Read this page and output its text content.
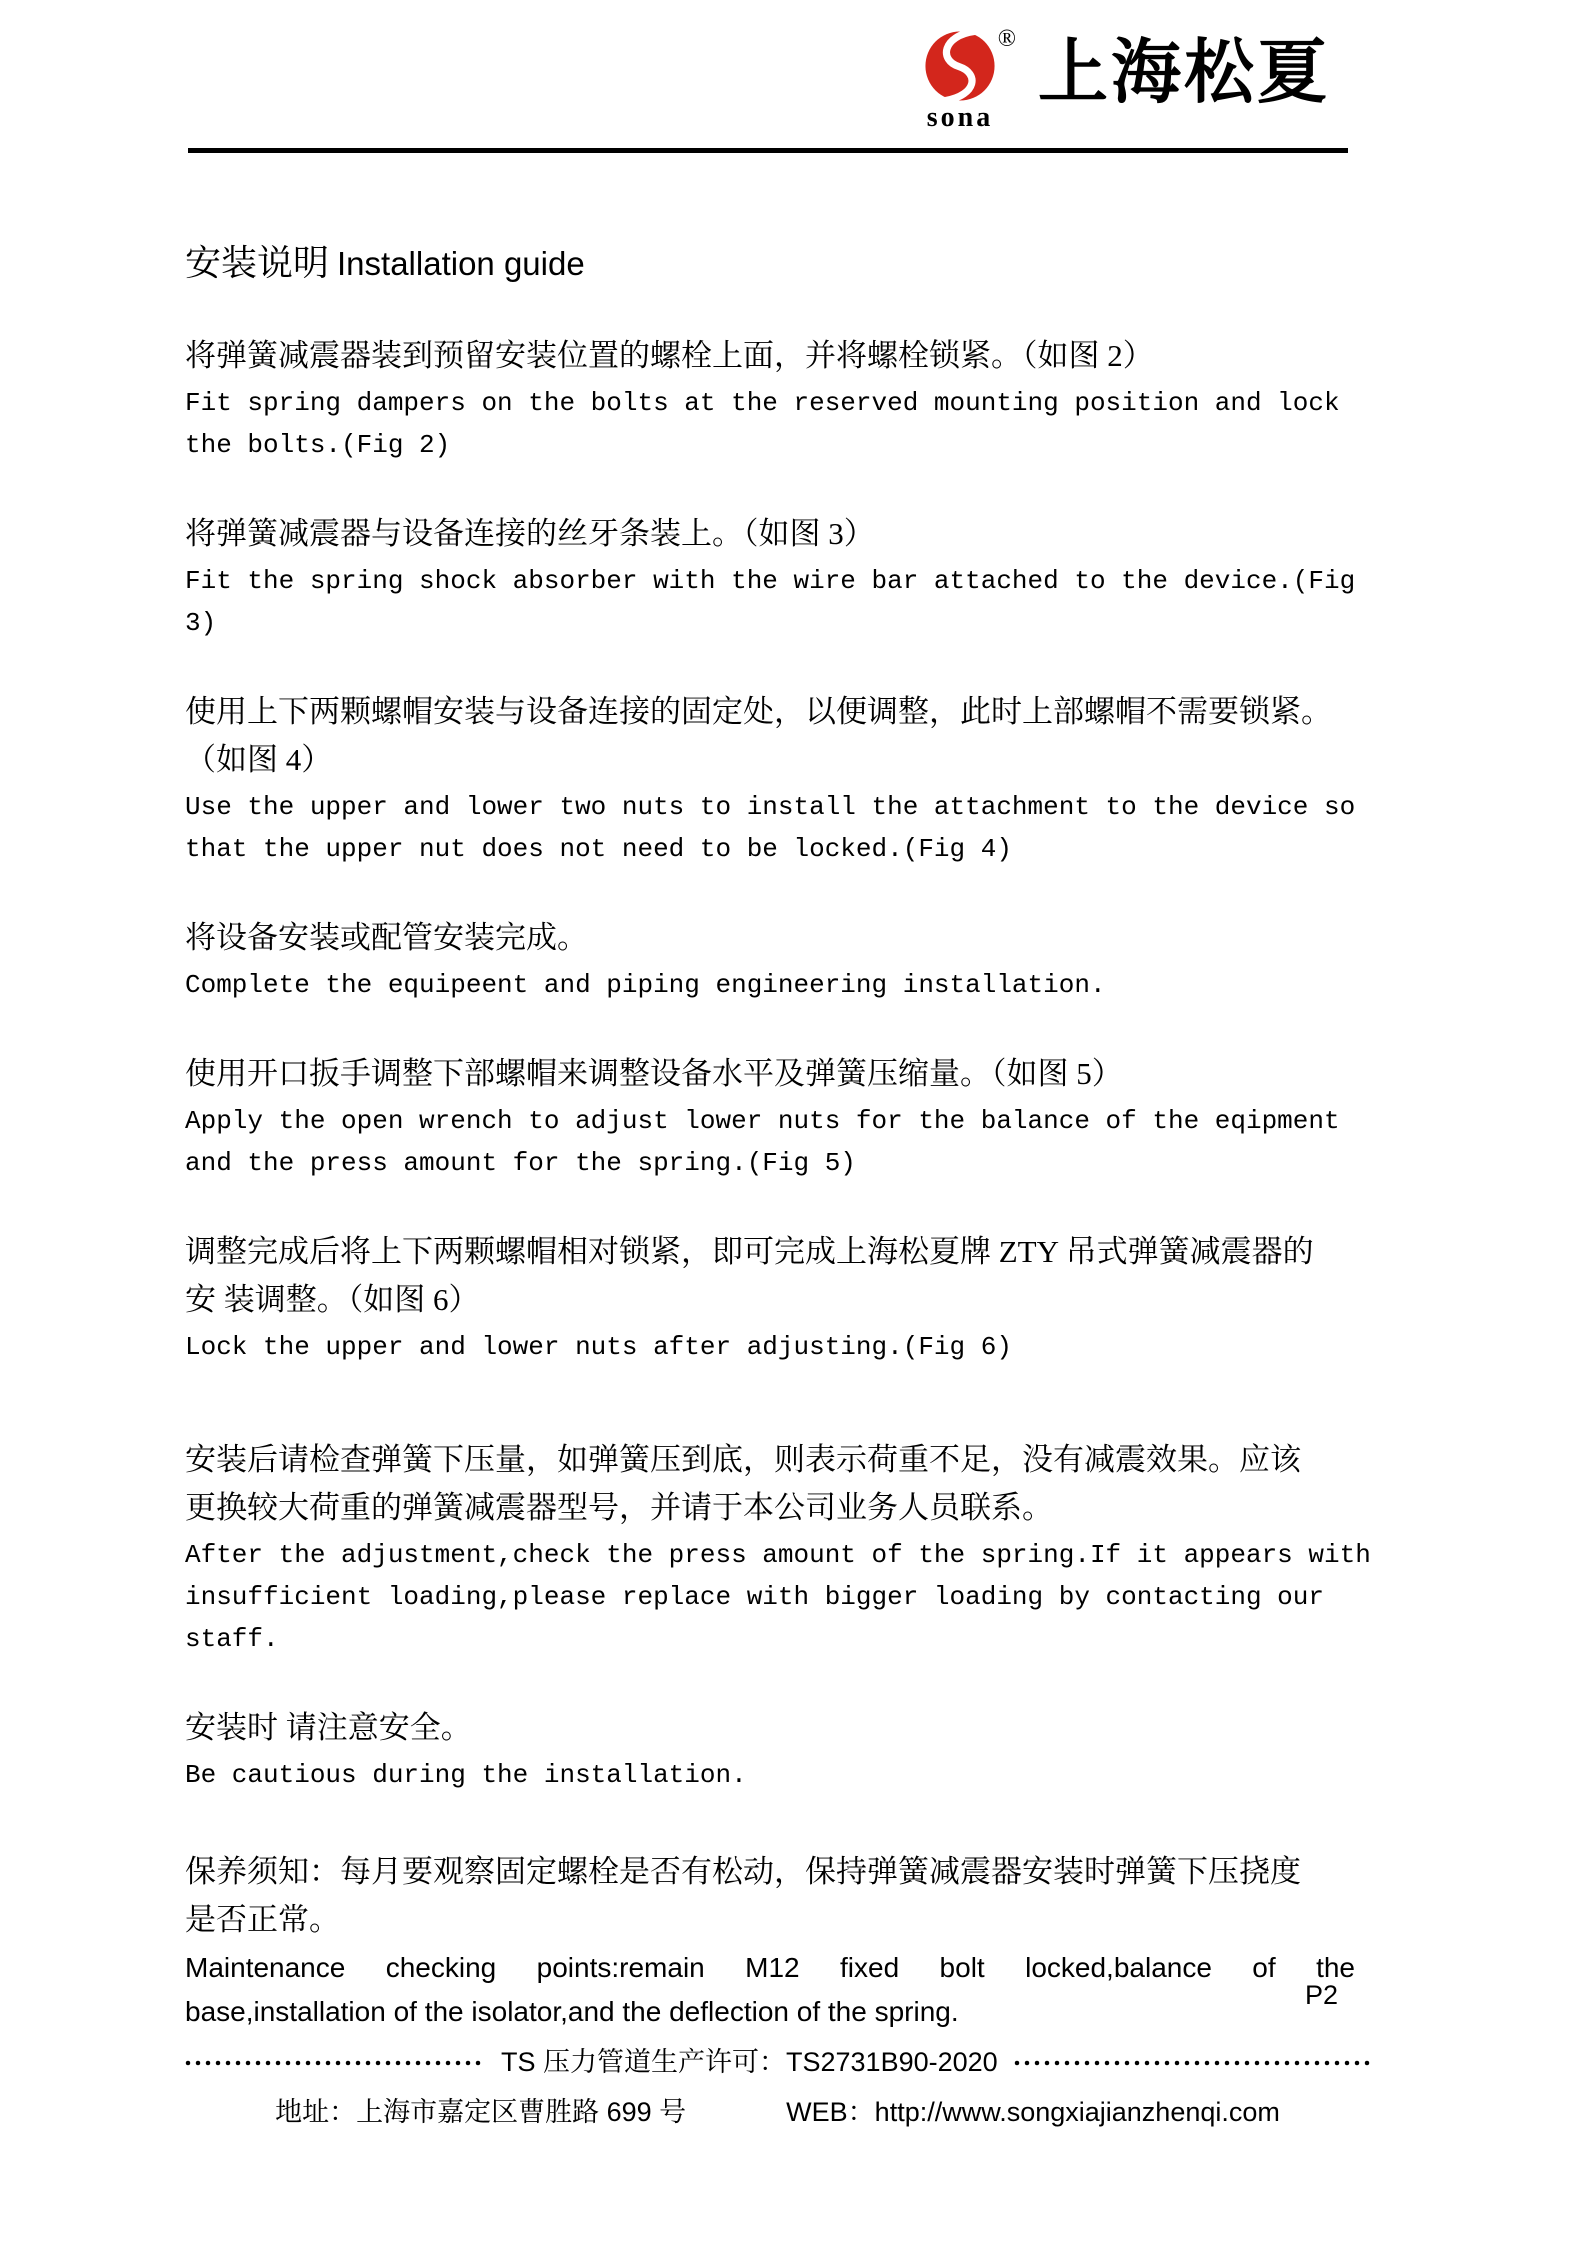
®
sona
上海松夏
安装说明 Installation guide

将弹簧减震器装到预留安装位置的螺栓上面，并将螺栓锁紧。（如图 2）

Fit spring dampers on the bolts at the reserved mounting position and lock
the bolts.(Fig 2)

将弹簧减震器与设备连接的丝牙条装上。（如图 3）

Fit the spring shock absorber with the wire bar attached to the device.(Fig
3)

使用上下两颗螺帽安装与设备连接的固定处，以便调整，此时上部螺帽不需要锁紧。
（如图 4）

Use the upper and lower two nuts to install the attachment to the device so
that the upper nut does not need to be locked.(Fig 4)

将设备安装或配管安装完成。

Complete the equipeent and piping engineering installation.

使用开口扳手调整下部螺帽来调整设备水平及弹簧压缩量。（如图 5）

Apply the open wrench to adjust lower nuts for the balance of the eqipment
and the press amount for the spring.(Fig 5)

调整完成后将上下两颗螺帽相对锁紧，即可完成上海松夏牌 ZTY 吊式弹簧减震器的
安 装调整。（如图 6）

Lock the upper and lower nuts after adjusting.(Fig 6)

安装后请检查弹簧下压量，如弹簧压到底，则表示荷重不足，没有减震效果。应该
更换较大荷重的弹簧减震器型号，并请于本公司业务人员联系。

After the adjustment,check the press amount of the spring.If it appears with
insufficient loading,please replace with bigger loading by contacting our
staff.

安装时 请注意安全。

Be cautious during the installation.

保养须知：每月要观察固定螺栓是否有松动，保持弹簧减震器安装时弹簧下压挠度
是否正常。

Maintenance checking points:remain M12 fixed bolt locked,balance of the
base,installation of the isolator,and the deflection of the spring.

P2
TS 压力管道生产许可：TS2731B90-2020
地址：上海市嘉定区曹胜路 699 号	WEB：http://www.songxiajianzhenqi.com
